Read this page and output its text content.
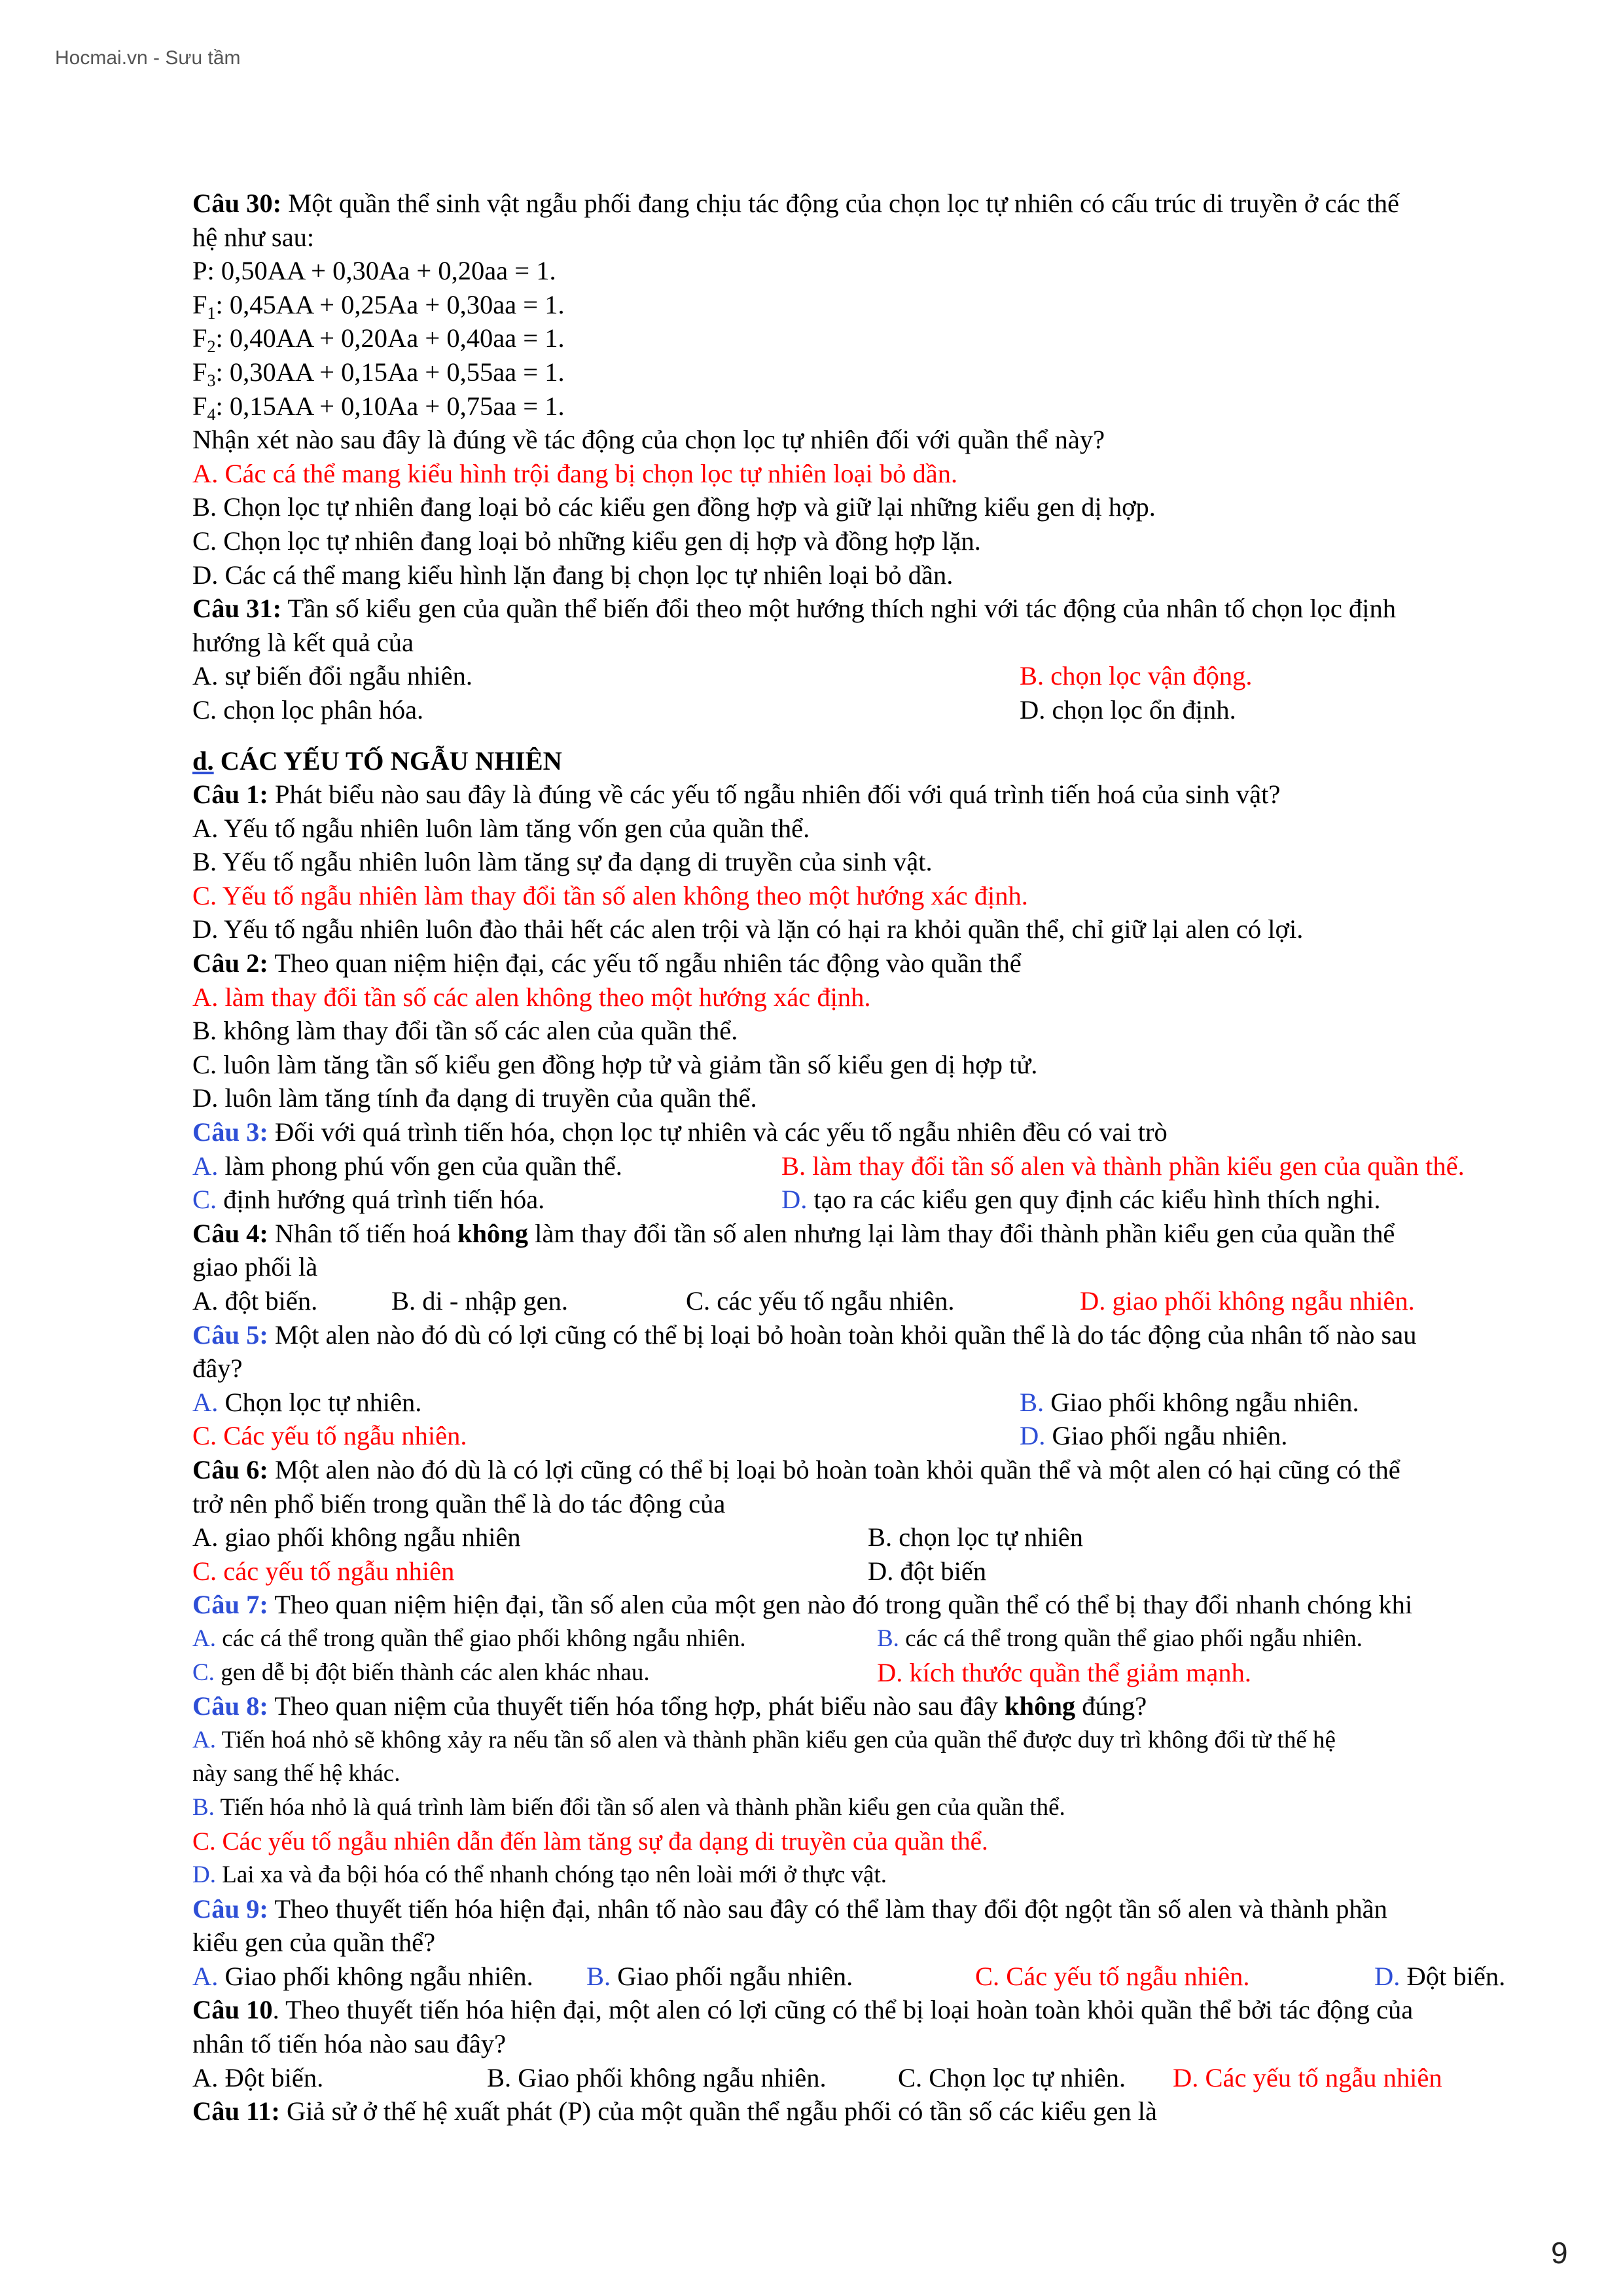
Hocmai.vn - Sưu tầm
Câu 30: Một quần thể sinh vật ngẫu phối đang chịu tác động của chọn lọc tự nhiên có cấu trúc di truyền ở các thế
hệ như sau:
P: 0,50AA + 0,30Aa + 0,20aa = 1.
$F_1$: 0,45AA + 0,25Aa + 0,30aa = 1.
$F_2$: 0,40AA + 0,20Aa + 0,40aa = 1.
$F_3$: 0,30AA + 0,15Aa + 0,55aa = 1.
$F_4$: 0,15AA + 0,10Aa + 0,75aa = 1.
Nhận xét nào sau đây là đúng về tác động của chọn lọc tự nhiên đối với quần thể này?
A. Các cá thể mang kiểu hình trội đang bị chọn lọc tự nhiên loại bỏ dần.
B. Chọn lọc tự nhiên đang loại bỏ các kiểu gen đồng hợp và giữ lại những kiểu gen dị hợp.
C. Chọn lọc tự nhiên đang loại bỏ những kiểu gen dị hợp và đồng hợp lặn.
D. Các cá thể mang kiểu hình lặn đang bị chọn lọc tự nhiên loại bỏ dần.
Câu 31: Tần số kiểu gen của quần thể biến đổi theo một hướng thích nghi với tác động của nhân tố chọn lọc định
hướng là kết quả của
A. sự biến đổi ngẫu nhiên.	B. chọn lọc vận động.
C. chọn lọc phân hóa.	D. chọn lọc ổn định.
d. CÁC YẾU TỐ NGẪU NHIÊN
Câu 1: Phát biểu nào sau đây là đúng về các yếu tố ngẫu nhiên đối với quá trình tiến hoá của sinh vật?
A. Yếu tố ngẫu nhiên luôn làm tăng vốn gen của quần thể.
B. Yếu tố ngẫu nhiên luôn làm tăng sự đa dạng di truyền của sinh vật.
C. Yếu tố ngẫu nhiên làm thay đổi tần số alen không theo một hướng xác định.
D. Yếu tố ngẫu nhiên luôn đào thải hết các alen trội và lặn có hại ra khỏi quần thể, chỉ giữ lại alen có lợi.
Câu 2: Theo quan niệm hiện đại, các yếu tố ngẫu nhiên tác động vào quần thể
A. làm thay đổi tần số các alen không theo một hướng xác định.
B. không làm thay đổi tần số các alen của quần thể.
C. luôn làm tăng tần số kiểu gen đồng hợp tử và giảm tần số kiểu gen dị hợp tử.
D. luôn làm tăng tính đa dạng di truyền của quần thể.
Câu 3: Đối với quá trình tiến hóa, chọn lọc tự nhiên và các yếu tố ngẫu nhiên đều có vai trò
A. làm phong phú vốn gen của quần thể.	B. làm thay đổi tần số alen và thành phần kiểu gen của quần thể.
C. định hướng quá trình tiến hóa.	D. tạo ra các kiểu gen quy định các kiểu hình thích nghi.
Câu 4: Nhân tố tiến hoá không làm thay đổi tần số alen nhưng lại làm thay đổi thành phần kiểu gen của quần thể
giao phối là
A. đột biến.	B. di - nhập gen.	C. các yếu tố ngẫu nhiên.	D. giao phối không ngẫu nhiên.
Câu 5: Một alen nào đó dù có lợi cũng có thể bị loại bỏ hoàn toàn khỏi quần thể là do tác động của nhân tố nào sau
đây?
A. Chọn lọc tự nhiên.	B. Giao phối không ngẫu nhiên.
C. Các yếu tố ngẫu nhiên.	D. Giao phối ngẫu nhiên.
Câu 6: Một alen nào đó dù là có lợi cũng có thể bị loại bỏ hoàn toàn khỏi quần thể và một alen có hại cũng có thể
trở nên phổ biến trong quần thể là do tác động của
A. giao phối không ngẫu nhiên	B. chọn lọc tự nhiên
C. các yếu tố ngẫu nhiên	D. đột biến
Câu 7: Theo quan niệm hiện đại, tần số alen của một gen nào đó trong quần thể có thể bị thay đổi nhanh chóng khi
A. các cá thể trong quần thể giao phối không ngẫu nhiên.	B. các cá thể trong quần thể giao phối ngẫu nhiên.
C. gen dễ bị đột biến thành các alen khác nhau.	D. kích thước quần thể giảm mạnh.
Câu 8: Theo quan niệm của thuyết tiến hóa tổng hợp, phát biểu nào sau đây không đúng?
A. Tiến hoá nhỏ sẽ không xảy ra nếu tần số alen và thành phần kiểu gen của quần thể được duy trì không đổi từ thế hệ
này sang thế hệ khác.
B. Tiến hóa nhỏ là quá trình làm biến đổi tần số alen và thành phần kiểu gen của quần thể.
C. Các yếu tố ngẫu nhiên dẫn đến làm tăng sự đa dạng di truyền của quần thể.
D. Lai xa và đa bội hóa có thể nhanh chóng tạo nên loài mới ở thực vật.
Câu 9: Theo thuyết tiến hóa hiện đại, nhân tố nào sau đây có thể làm thay đổi đột ngột tần số alen và thành phần
kiểu gen của quần thể?
A. Giao phối không ngẫu nhiên. B. Giao phối ngẫu nhiên.	C. Các yếu tố ngẫu nhiên.	D. Đột biến.
Câu 10. Theo thuyết tiến hóa hiện đại, một alen có lợi cũng có thể bị loại hoàn toàn khỏi quần thể bởi tác động của
nhân tố tiến hóa nào sau đây?
A. Đột biến.	B. Giao phối không ngẫu nhiên.	C. Chọn lọc tự nhiên. D. Các yếu tố ngẫu nhiên
Câu 11: Giả sử ở thế hệ xuất phát (P) của một quần thể ngẫu phối có tần số các kiểu gen là
9
